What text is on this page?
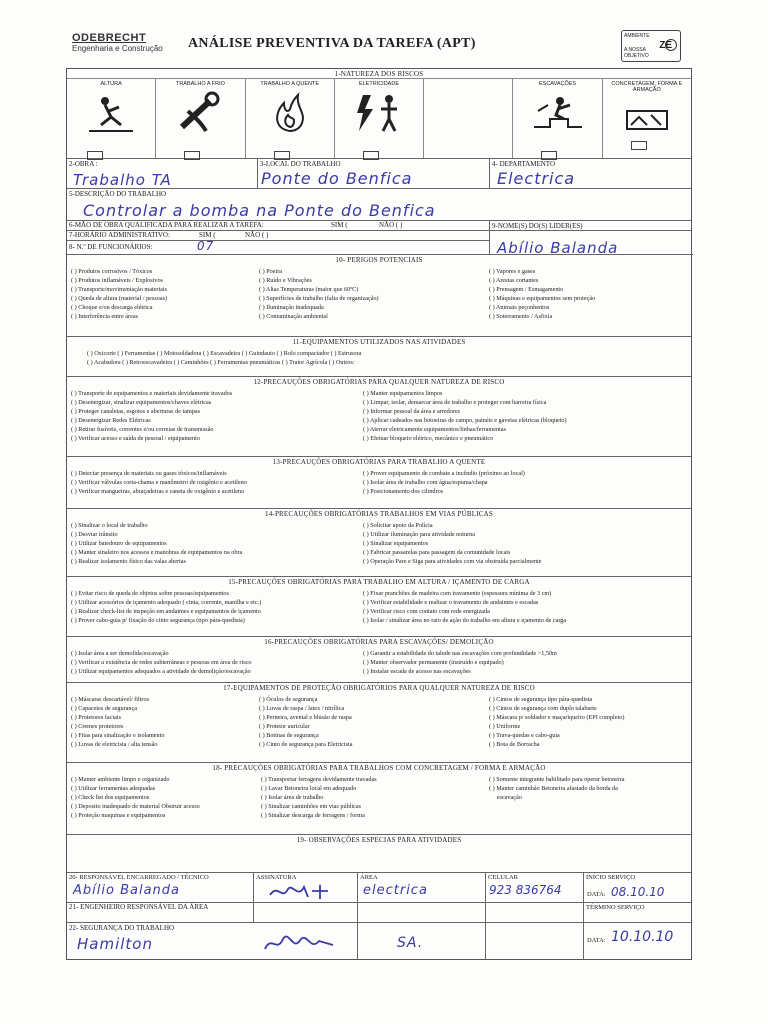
ODEBRECHT
Engenharia e Construção ANÁLISE PREVENTIVA DA TAREFA (APT)	AMBIENTE
ZE
A NOSSA OBJETIVO
1-NATUREZA DOS RISCOS
ALTURA	TRABALHO A FRIO	TRABALHO A QUENTE	ELETRICIDADE	ESCAVAÇÕES	CONCRETAGEM, FORMA E ARMAÇÃO
2-OBRA :
Trabalho TA
3-LOCAL DO TRABALHO
Ponte do Benfica
4- DEPARTAMENTO
Electrica
5-DESCRIÇÃO DO TRABALHO
Controlar a bomba na Ponte do Benfica
6-MÃO DE OBRA QUALIFICADA PARA REALIZAR A TAREFA:	SIM (	NÃO ( )	9-NOME(S) DO(S) LIDER(ES)
Abílio Balanda
7-HORÁRIO ADMINISTRATIVO:	SIM (	NÃO ( )
8- N.º DE FUNCIONÁRIOS:	07
10- PERIGOS POTENCIAIS
( ) Produtos corrosivos / Tóxicos
( ) Produtos inflamáveis / Explosivos
( ) Transporte/movimentação materiais
( ) Queda de altura (material / pessoas)
( ) Choque e/ou descarga elétrica
( ) Interferência entre áreas
( ) Poeira
( ) Ruído e Vibrações
( ) Altas Temperaturas (maior que 60ºC)
( ) Superfícies de trabalho (falta de organização)
( ) Iluminação inadequada
( ) Contaminação ambiental
( ) Vapores e gases
( ) Arestas cortantes
( ) Prensagem / Esmagamento
( ) Máquinas e equipamentos sem proteção
( ) Animais peçonhentos
( ) Soterramento / Asfixia
11-EQUIPAMENTOS UTILIZADOS NAS ATIVIDADES
( ) Oxicorte ( ) Ferramentas ( ) Motosoldadora ( ) Escavadeira ( ) Guindauto ( ) Rolo compactador ( ) Estrusora
( ) Acabadora ( ) Retroescavadeira ( ) Caminhões ( ) Ferramentas pneumáticas ( ) Trator Agrícola ( ) Outros:
12-PRECAUÇÕES OBRIGATÓRIAS PARA QUALQUER NATUREZA DE RISCO
( ) Transporte de equipamentos e materiais devidamente travados
( ) Desenergizar, sinalizar equipamentos/chaves elétricas
( ) Proteger canaletas, esgotos e aberturas de tampas
( ) Desenergizar Redes Elétricas
( ) Retirar fusíveis, correntes e/ou correias de transmissão
( ) Verificar acesso e saída de pessoal / equipamento
( ) Manter equipamentos limpos
( ) Limpar, isolar, demarcar área de trabalho e proteger com barreira física
( ) Informar pessoal da área e arredores
( ) Aplicar cadeados nas botoeiras de campo, painéis e gavetas elétricas (bloqueio)
( ) Aterrar eletricamente equipamentos/linhas/ferramentas
( ) Efetuar bloqueio elétrico, mecânico e pneumático
13-PRECAUÇÕES OBRIGATÓRIAS PARA TRABALHO A QUENTE
( ) Detectar presença de materiais ou gases tóxicos/inflamáveis
( ) Verificar válvulas corta-chama e manômetro de oxigênio e acetileno
( ) Verificar mangueiras, abraçadeiras e caneta de oxigênio e acetileno
( ) Prover equipamento de combate a incêndio (próximo ao local)
( ) Isolar área de trabalho com água/espuma/chapa
( ) Posicionamento dos cilindros
14-PRECAUÇÕES OBRIGATÓRIAS TRABALHOS EM VIAS PÚBLICAS
( ) Sinalizar o local de trabalho
( ) Desviar trânsito
( ) Utilizar batedouro de equipamentos
( ) Manter sinaleiro nos acessos e manobras de equipamentos na obra
( ) Realizar isolamento físico das valas abertas
( ) Solicitar apoio da Polícia
( ) Utilizar iluminação para atividade noturna
( ) Sinalizar equipamentos
( ) Fabricar passarelas para passagem da comunidade locais
( ) Operação Pare e Siga para atividades com via obstruída parcialmente
15-PRECAUÇÕES OBRIGATÓRIAS PARA TRABALHO EM ALTURA / IÇAMENTO DE CARGA
( ) Evitar risco de queda de objetos sobre pessoas/equipamentos
( ) Utilizar acessórios de içamento adequado ( cinta, corrente, manilha e etc.)
( ) Realizar check-list de inspeção em andaimes e equipamentos de içamento
( ) Prover cabo-guia p/ fixação do cinto segurança (tipo pára-quedista)
( ) Fixar pranchões de madeira com travamento (espessura mínima de 3 cm)
( ) Verificar estabilidade e realizar o travamento de andaimes e escadas
( ) Verificar risco com contato com rede energizada
( ) Isolar / sinalizar área no raio de ação do trabalho em altura e içamento de carga
16-PRECAUÇÕES OBRIGATÓRIAS PARA ESCAVAÇÕES/ DEMOLIÇÃO
( ) Isolar área a ser demolida/escavação
( ) Verificar a existência de redes subterrâneas e pessoas em área de risco
( ) Utilizar equipamentos adequados a atividade de demolição/escavação
( ) Garantir a estabilidade do talude nas escavações com profundidade >1,50m
( ) Manter observador permanente (instruído e equipado)
( ) Instalar escada de acesso nas escavações
17-EQUIPAMENTOS DE PROTEÇÃO OBRIGATÓRIOS PARA QUALQUER NATUREZA DE RISCO
( ) Máscaras descartável/ filtros
( ) Capacetes de segurança
( ) Protetores faciais
( ) Cremes protetores
( ) Fitas para sinalização e isolamento
( ) Luvas de eletricista / alta tensão
( ) Óculos de segurança
( ) Luvas de raspa / latex / nitrílica
( ) Perneira, avental e blusão de raspa
( ) Protetor auricular
( ) Botinas de segurança
( ) Cinto de segurança para Eletricista
( ) Cintos de segurança tipo pára-quedista
( ) Cintos de segurança com duplo talabarte
( ) Máscara p/ soldador e maçariqueiro (EPI completo)
( ) Uniforme
( ) Trava-quedas e cabo-guia
( ) Bota de Borracha
18- PRECAUÇÕES OBRIGATÓRIAS PARA TRABALHOS COM CONCRETAGEM / FORMA E ARMAÇÃO
( ) Manter ambiente limpo e organizado
( ) Utilizar ferramentas adequadas
( ) Check list dos equipamentos
( ) Deposito inadequado de material Obstruir acesso
( ) Proteção maquinas e equipamentos
( ) Transportar ferragens devidamente travadas
( ) Lavar Betoneira local em adequado
( ) Isolar área de trabalho
( ) Sinalizar caminhões em vias públicas
( ) Sinalizar descarga de ferragens / forma
( ) Somente integrante habilitado para operar betoneira
( ) Manter caminhão Betoneira afastado da borda da
escavação
19- OBSERVAÇÕES ESPECIAS PARA ATIVIDADES
20- RESPONSÁVEL ENCARREGADO / TÉCNICO
Abílio Balanda
ASSINATURA	ÁREA
electrica
CELULAR
923 836764
INÍCIO SERVIÇO
DATA: 08.10.10
21- ENGENHEIRO RESPONSÁVEL DA ÁREA	TÉRMINO SERVIÇO
22- SEGURANÇA DO TRABALHO
Hamilton	SA.	DATA: 10.10.10
